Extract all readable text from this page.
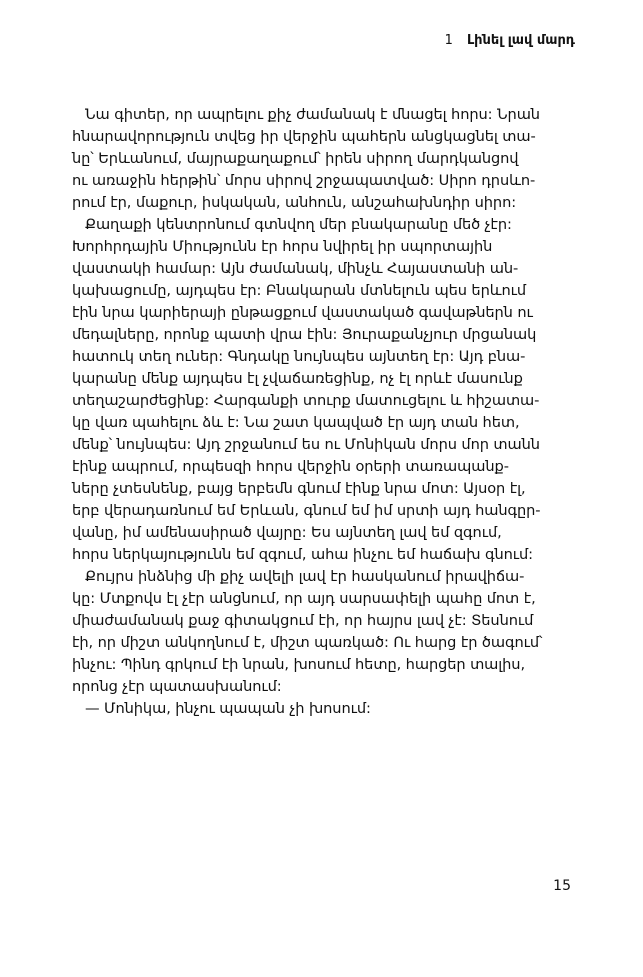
1 Լինել լավ մարդ
Նա գիտեր, որ ապրելու քիչ ժամանակ է մնացել հորս: Նրան
հնարավորություն տվեց իր վերջին պահերն անցկացնել տա-
նը՝ Երևանում, մայրաքաղաքում՝ իրեն սիրող մարդկանցով
ու առաջին հերթին՝ մորս սիրով շրջապատված: Սիրո դրսևո-
րում էր, մաքուր, իսկական, անհուն, անշահախնդիր սիրո:
Քաղաքի կենտրոնում գտնվող մեր բնակարանը մեծ չէր:
Խորհրդային Միությունն էր հորս նվիրել իր սպորտային
վաստակի համար: Այն ժամանակ, մինչև Հայաստանի ան-
կախացումը, այդպես էր: Բնակարան մտնելուն պես երևում
էին նրա կարիերայի ընթացքում վաստակած գավաթներն ու
մեդալները, որոնք պատի վրա էին: Յուրաքանչյուր մրցանակ
հատուկ տեղ ուներ: Գնդակը նույնպես այնտեղ էր: Այդ բնա-
կարանը մենք այդպես էլ չվաճառեցինք, ոչ էլ որևէ մասունք
տեղաշարժեցինք: Հարգանքի տուրք մատուցելու և հիշատա-
կը վառ պահելու ձև է: Նա շատ կապված էր այդ տան հետ,
մենք՝ նույնպես: Այդ շրջանում ես ու Մոնիկան մորս մոր տանն
էինք ապրում, որպեսզի հորս վերջին օրերի տառապանք-
ները չտեսնենք, բայց երբեմն գնում էինք նրա մոտ: Այսօր էլ,
երբ վերադառնում եմ Երևան, գնում եմ իմ սրտի այդ հանգըր-
վանը, իմ ամենասիրած վայրը: Ես այնտեղ լավ եմ զգում,
հորս ներկայությունն եմ զգում, ահա ինչու եմ հաճախ գնում:
Քույրս ինձնից մի քիչ ավելի լավ էր հասկանում իրավիճա-
կը: Մտքովս էլ չէր անցնում, որ այդ սարսափելի պահը մոտ է,
միաժամանակ քաջ գիտակցում էի, որ հայրս լավ չէ: Տեսնում
էի, որ միշտ անկողնում է, միշտ պառկած: Ու հարց էր ծագում՝
ինչու: Պինդ գրկում էի նրան, խոսում հետը, հարցեր տալիս,
որոնց չէր պատասխանում:
— Մոնիկա, ինչու պապան չի խոսում:
15
